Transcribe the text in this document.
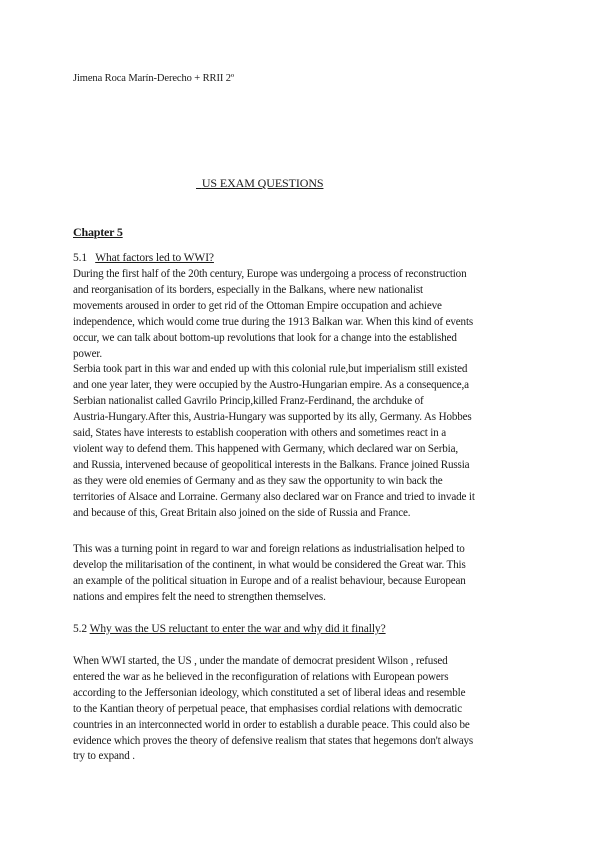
Jimena Roca Marín-Derecho + RRII 2º
US EXAM QUESTIONS
Chapter 5
5.1 What factors led to WWI?
During the first half of the 20th century, Europe was undergoing a process of reconstruction
and reorganisation of its borders, especially in the Balkans, where new nationalist
movements aroused in order to get rid of the Ottoman Empire occupation and achieve
independence, which would come true during the 1913 Balkan war. When this kind of events
occur, we can talk about bottom-up revolutions that look for a change into the established
power.
Serbia took part in this war and ended up with this colonial rule,but imperialism still existed
and one year later, they were occupied by the Austro-Hungarian empire. As a consequence,a
Serbian nationalist called Gavrilo Princip,killed Franz-Ferdinand, the archduke of
Austria-Hungary.After this, Austria-Hungary was supported by its ally, Germany. As Hobbes
said, States have interests to establish cooperation with others and sometimes react in a
violent way to defend them. This happened with Germany, which declared war on Serbia,
and Russia, intervened because of geopolitical interests in the Balkans. France joined Russia
as they were old enemies of Germany and as they saw the opportunity to win back the
territories of Alsace and Lorraine. Germany also declared war on France and tried to invade it
and because of this, Great Britain also joined on the side of Russia and France.
This was a turning point in regard to war and foreign relations as industrialisation helped to
develop the militarisation of the continent, in what would be considered the Great war. This
an example of the political situation in Europe and of a realist behaviour, because European
nations and empires felt the need to strengthen themselves.
5.2 Why was the US reluctant to enter the war and why did it finally?
When WWI started, the US , under the mandate of democrat president Wilson , refused
entered the war as he believed in the reconfiguration of relations with European powers
according to the Jeffersonian ideology, which constituted a set of liberal ideas and resemble
to the Kantian theory of perpetual peace, that emphasises cordial relations with democratic
countries in an interconnected world in order to establish a durable peace. This could also be
evidence which proves the theory of defensive realism that states that hegemons don't always
try to expand .
